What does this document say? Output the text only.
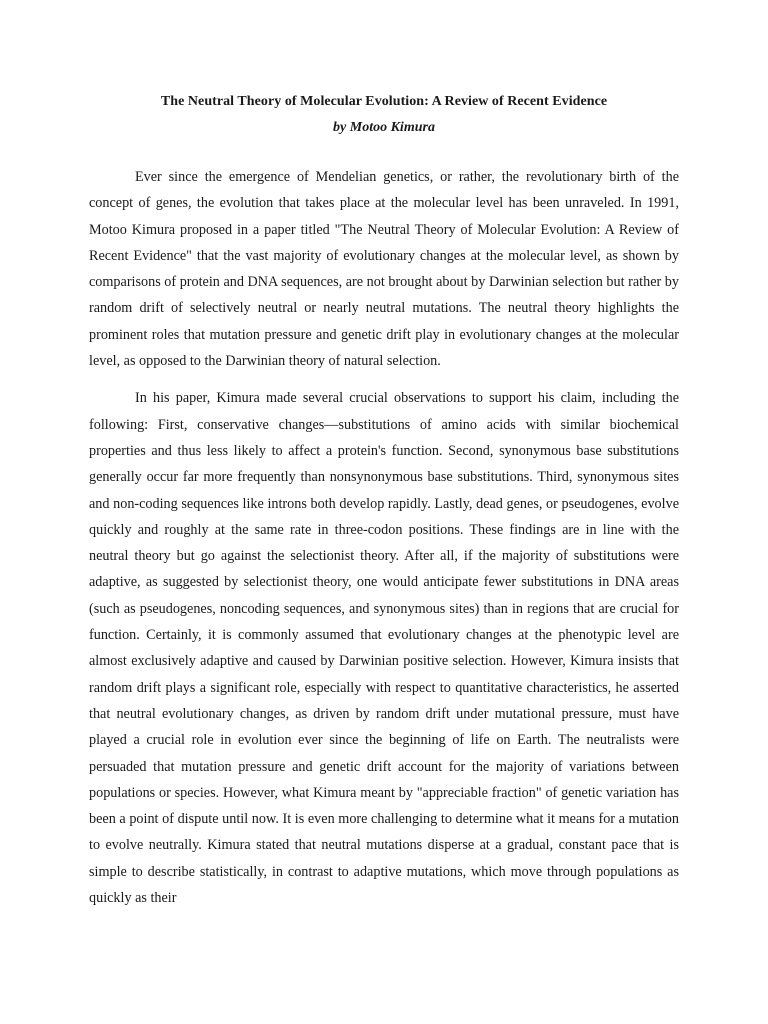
The Neutral Theory of Molecular Evolution: A Review of Recent Evidence
by Motoo Kimura

Ever since the emergence of Mendelian genetics, or rather, the revolutionary birth of the concept of genes, the evolution that takes place at the molecular level has been unraveled. In 1991, Motoo Kimura proposed in a paper titled "The Neutral Theory of Molecular Evolution: A Review of Recent Evidence" that the vast majority of evolutionary changes at the molecular level, as shown by comparisons of protein and DNA sequences, are not brought about by Darwinian selection but rather by random drift of selectively neutral or nearly neutral mutations. The neutral theory highlights the prominent roles that mutation pressure and genetic drift play in evolutionary changes at the molecular level, as opposed to the Darwinian theory of natural selection.

In his paper, Kimura made several crucial observations to support his claim, including the following: First, conservative changes—substitutions of amino acids with similar biochemical properties and thus less likely to affect a protein's function. Second, synonymous base substitutions generally occur far more frequently than nonsynonymous base substitutions. Third, synonymous sites and non-coding sequences like introns both develop rapidly. Lastly, dead genes, or pseudogenes, evolve quickly and roughly at the same rate in three-codon positions. These findings are in line with the neutral theory but go against the selectionist theory. After all, if the majority of substitutions were adaptive, as suggested by selectionist theory, one would anticipate fewer substitutions in DNA areas (such as pseudogenes, noncoding sequences, and synonymous sites) than in regions that are crucial for function. Certainly, it is commonly assumed that evolutionary changes at the phenotypic level are almost exclusively adaptive and caused by Darwinian positive selection. However, Kimura insists that random drift plays a significant role, especially with respect to quantitative characteristics, he asserted that neutral evolutionary changes, as driven by random drift under mutational pressure, must have played a crucial role in evolution ever since the beginning of life on Earth. The neutralists were persuaded that mutation pressure and genetic drift account for the majority of variations between populations or species. However, what Kimura meant by "appreciable fraction" of genetic variation has been a point of dispute until now. It is even more challenging to determine what it means for a mutation to evolve neutrally. Kimura stated that neutral mutations disperse at a gradual, constant pace that is simple to describe statistically, in contrast to adaptive mutations, which move through populations as quickly as their
